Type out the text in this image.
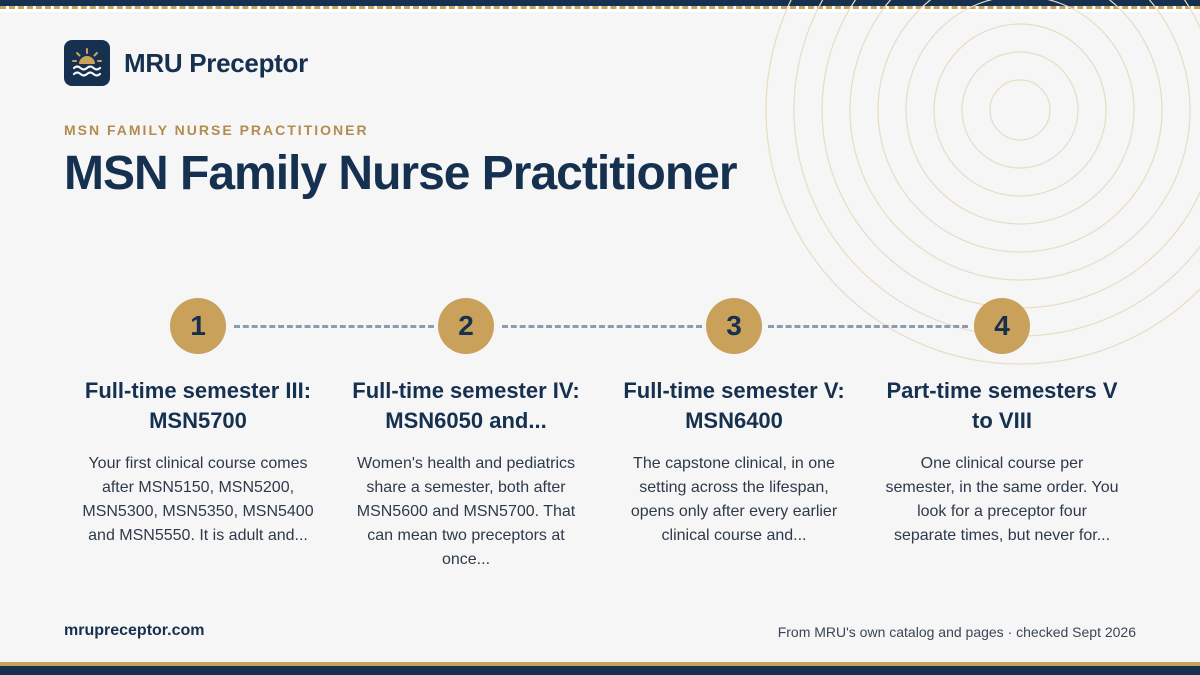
MRU Preceptor
MSN FAMILY NURSE PRACTITIONER
MSN Family Nurse Practitioner
1
Full-time semester III: MSN5700
Your first clinical course comes after MSN5150, MSN5200, MSN5300, MSN5350, MSN5400 and MSN5550. It is adult and...
2
Full-time semester IV: MSN6050 and...
Women's health and pediatrics share a semester, both after MSN5600 and MSN5700. That can mean two preceptors at once...
3
Full-time semester V: MSN6400
The capstone clinical, in one setting across the lifespan, opens only after every earlier clinical course and...
4
Part-time semesters V to VIII
One clinical course per semester, in the same order. You look for a preceptor four separate times, but never for...
mrupreceptor.com	From MRU's own catalog and pages · checked Sept 2026
